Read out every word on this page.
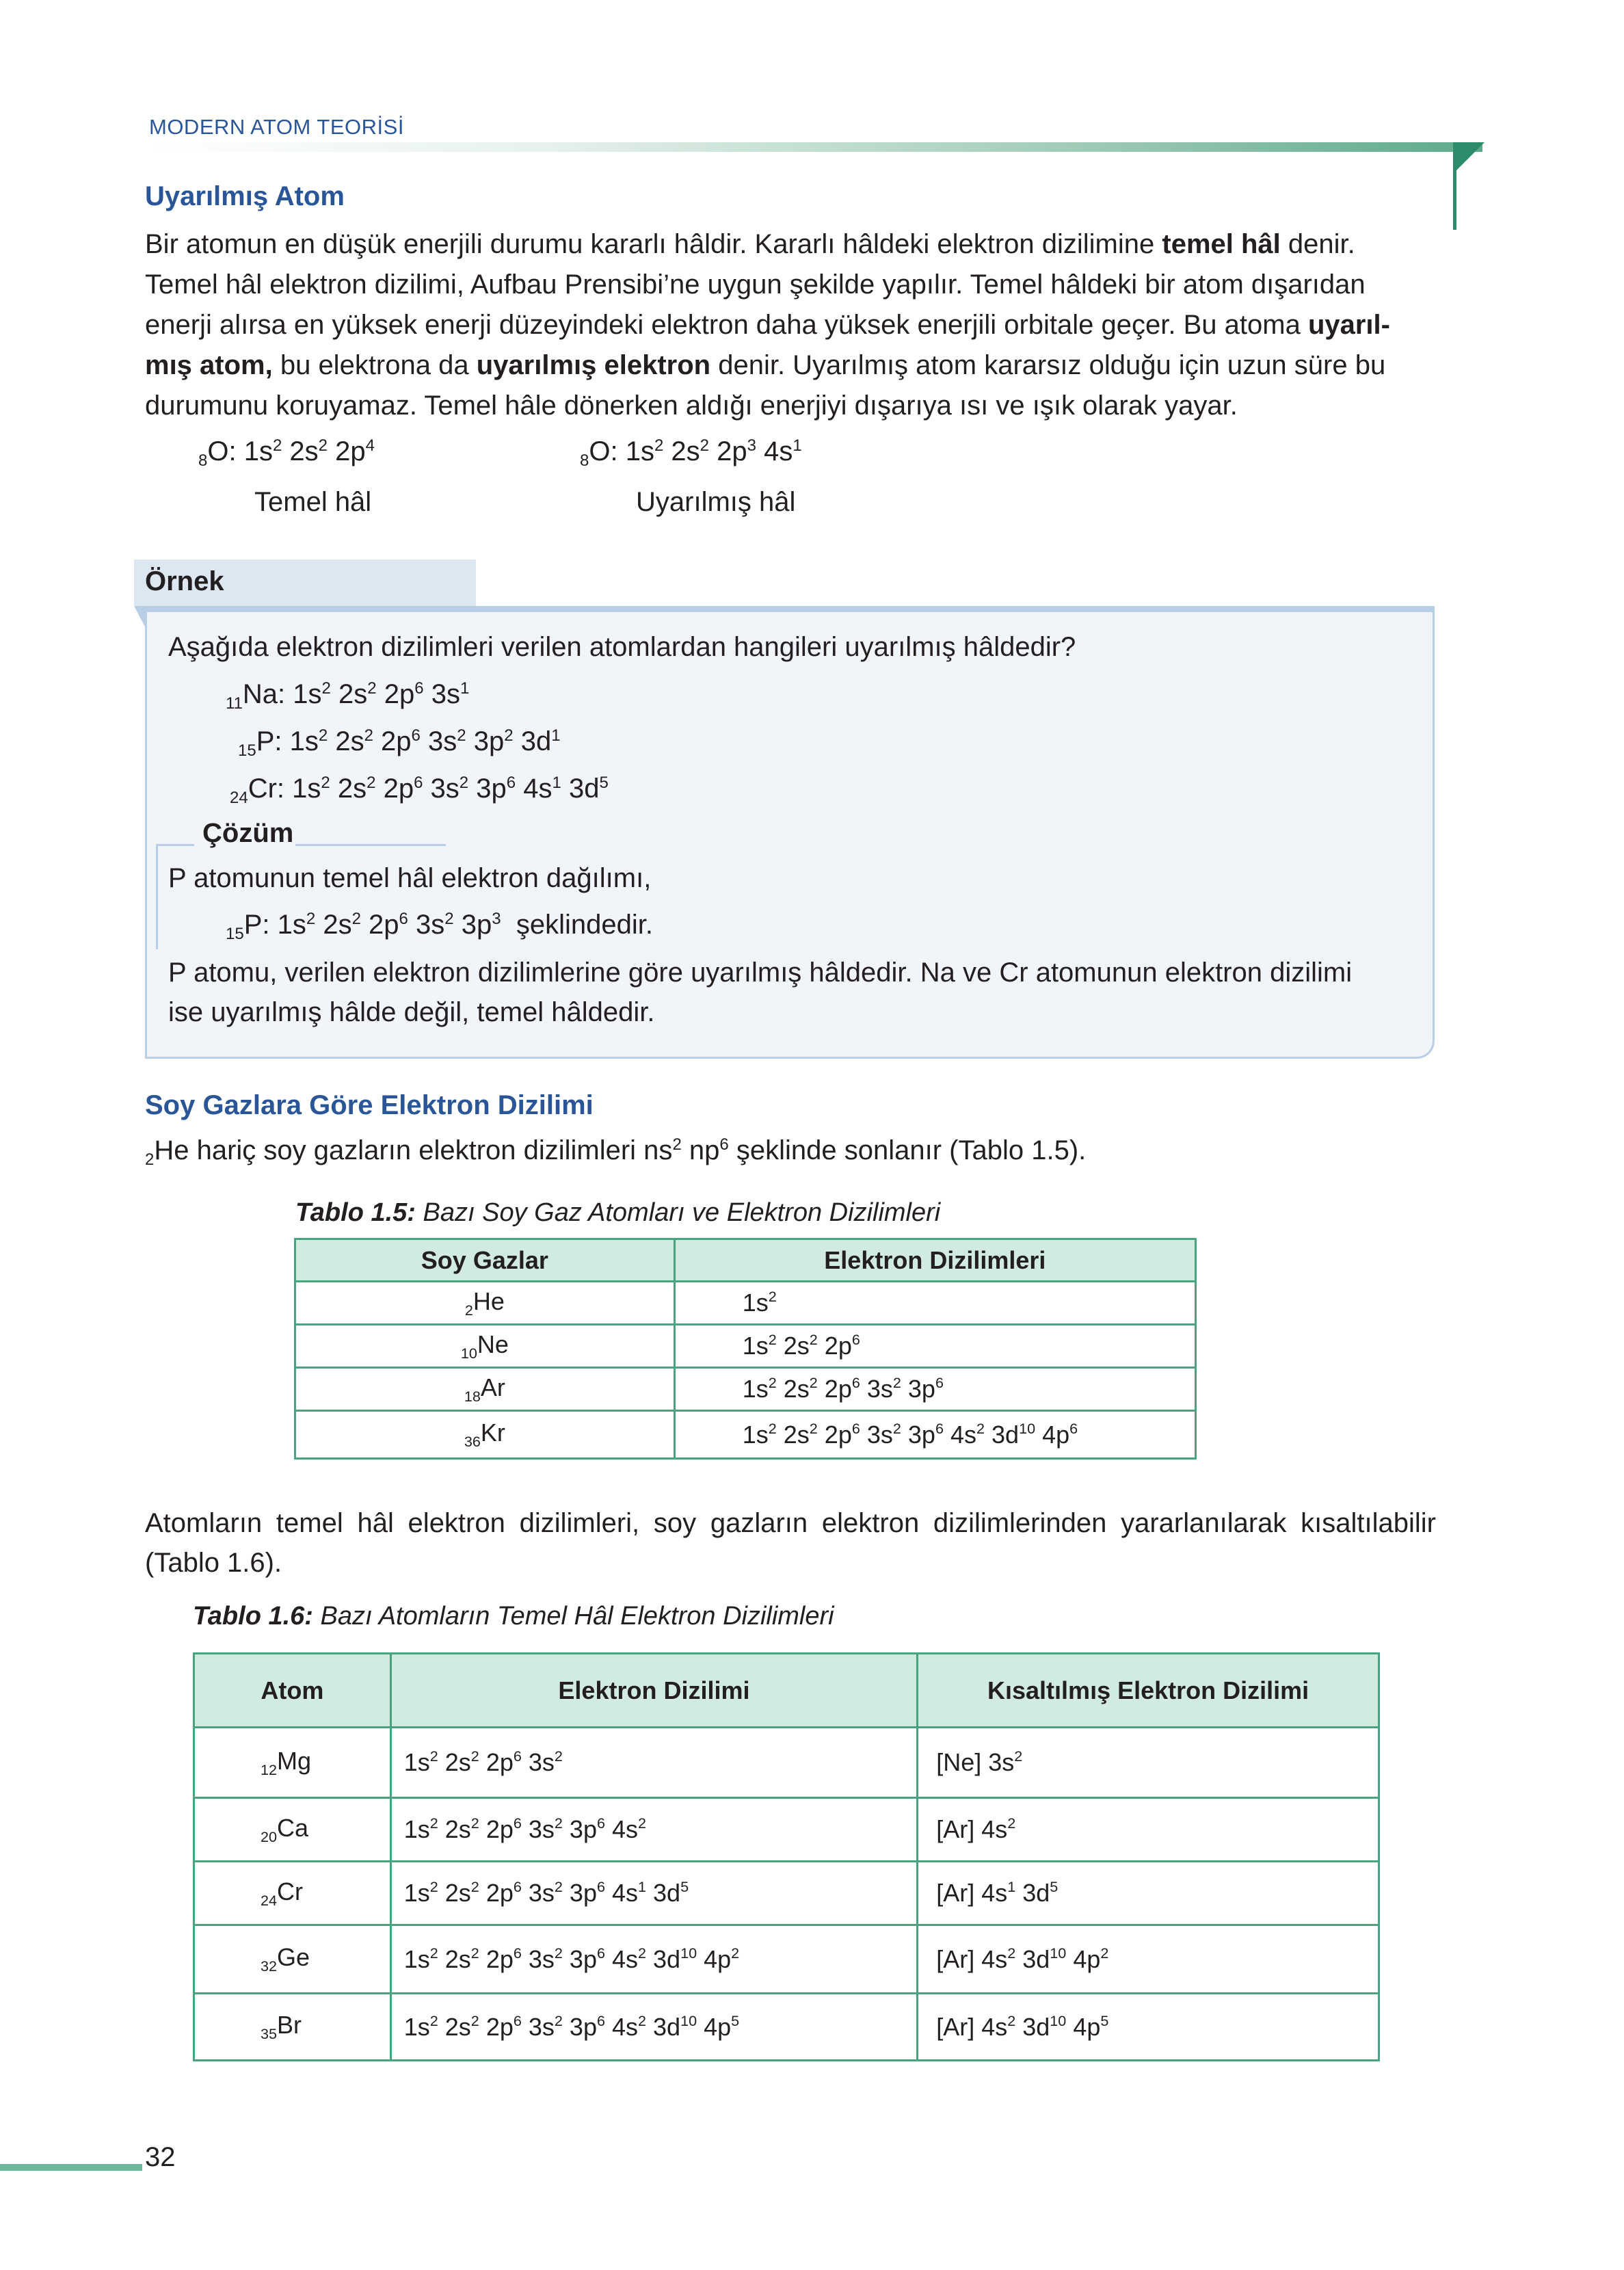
MODERN ATOM TEORİSİ
Uyarılmış Atom
Bir atomun en düşük enerjili durumu kararlı hâldir. Kararlı hâldeki elektron dizilimine temel hâl denir.
Temel hâl elektron dizilimi, Aufbau Prensibi’ne uygun şekilde yapılır. Temel hâldeki bir atom dışarıdan
enerji alırsa en yüksek enerji düzeyindeki elektron daha yüksek enerjili orbitale geçer. Bu atoma uyarıl-
mış atom, bu elektrona da uyarılmış elektron denir. Uyarılmış atom kararsız olduğu için uzun süre bu
durumunu koruyamaz. Temel hâle dönerken aldığı enerjiyi dışarıya ısı ve ışık olarak yayar.
$_8$O: $1s^2$ $2s^2$ $2p^4$
$_8$O: $1s^2$ $2s^2$ $2p^3$ $4s^1$
Temel hâl	Uyarılmış hâl
Örnek
Aşağıda elektron dizilimleri verilen atomlardan hangileri uyarılmış hâldedir?
$_{11}$Na: $1s^2$ $2s^2$ $2p^6$ $3s^1$
$_{15}$P: $1s^2$ $2s^2$ $2p^6$ $3s^2$ $3p^2$ $3d^1$
$_{24}$Cr: $1s^2$ $2s^2$ $2p^6$ $3s^2$ $3p^6$ $4s^1$ $3d^5$
Çözüm
P atomunun temel hâl elektron dağılımı,
$_{15}$P: $1s^2$ $2s^2$ $2p^6$ $3s^2$ $3p^3$ şeklindedir.
P atomu, verilen elektron dizilimlerine göre uyarılmış hâldedir. Na ve Cr atomunun elektron dizilimi
ise uyarılmış hâlde değil, temel hâldedir.
Soy Gazlara Göre Elektron Dizilimi
$_2$He hariç soy gazların elektron dizilimleri $ns^2$ $np^6$ şeklinde sonlanır (Tablo 1.5).
Tablo 1.5: Bazı Soy Gaz Atomları ve Elektron Dizilimleri
Soy Gazlar	Elektron Dizilimleri
$_2$He	$1s^2$
$_{10}$Ne	$1s^2$ $2s^2$ $2p^6$
$_{18}$Ar	$1s^2$ $2s^2$ $2p^6$ $3s^2$ $3p^6$
$_{36}$Kr	$1s^2$ $2s^2$ $2p^6$ $3s^2$ $3p^6$ $4s^2$ $3d^{10}$ $4p^6$
Atomların temel hâl elektron dizilimleri, soy gazların elektron dizilimlerinden yararlanılarak kısaltılabilir
(Tablo 1.6).
Tablo 1.6: Bazı Atomların Temel Hâl Elektron Dizilimleri
Atom	Elektron Dizilimi	Kısaltılmış Elektron Dizilimi
$_{12}$Mg	$1s^2$ $2s^2$ $2p^6$ $3s^2$	[Ne] $3s^2$
$_{20}$Ca	$1s^2$ $2s^2$ $2p^6$ $3s^2$ $3p^6$ $4s^2$	[Ar] $4s^2$
$_{24}$Cr	$1s^2$ $2s^2$ $2p^6$ $3s^2$ $3p^6$ $4s^1$ $3d^5$	[Ar] $4s^1$ $3d^5$
$_{32}$Ge	$1s^2$ $2s^2$ $2p^6$ $3s^2$ $3p^6$ $4s^2$ $3d^{10}$ $4p^2$	[Ar] $4s^2$ $3d^{10}$ $4p^2$
$_{35}$Br	$1s^2$ $2s^2$ $2p^6$ $3s^2$ $3p^6$ $4s^2$ $3d^{10}$ $4p^5$	[Ar] $4s^2$ $3d^{10}$ $4p^5$
32
